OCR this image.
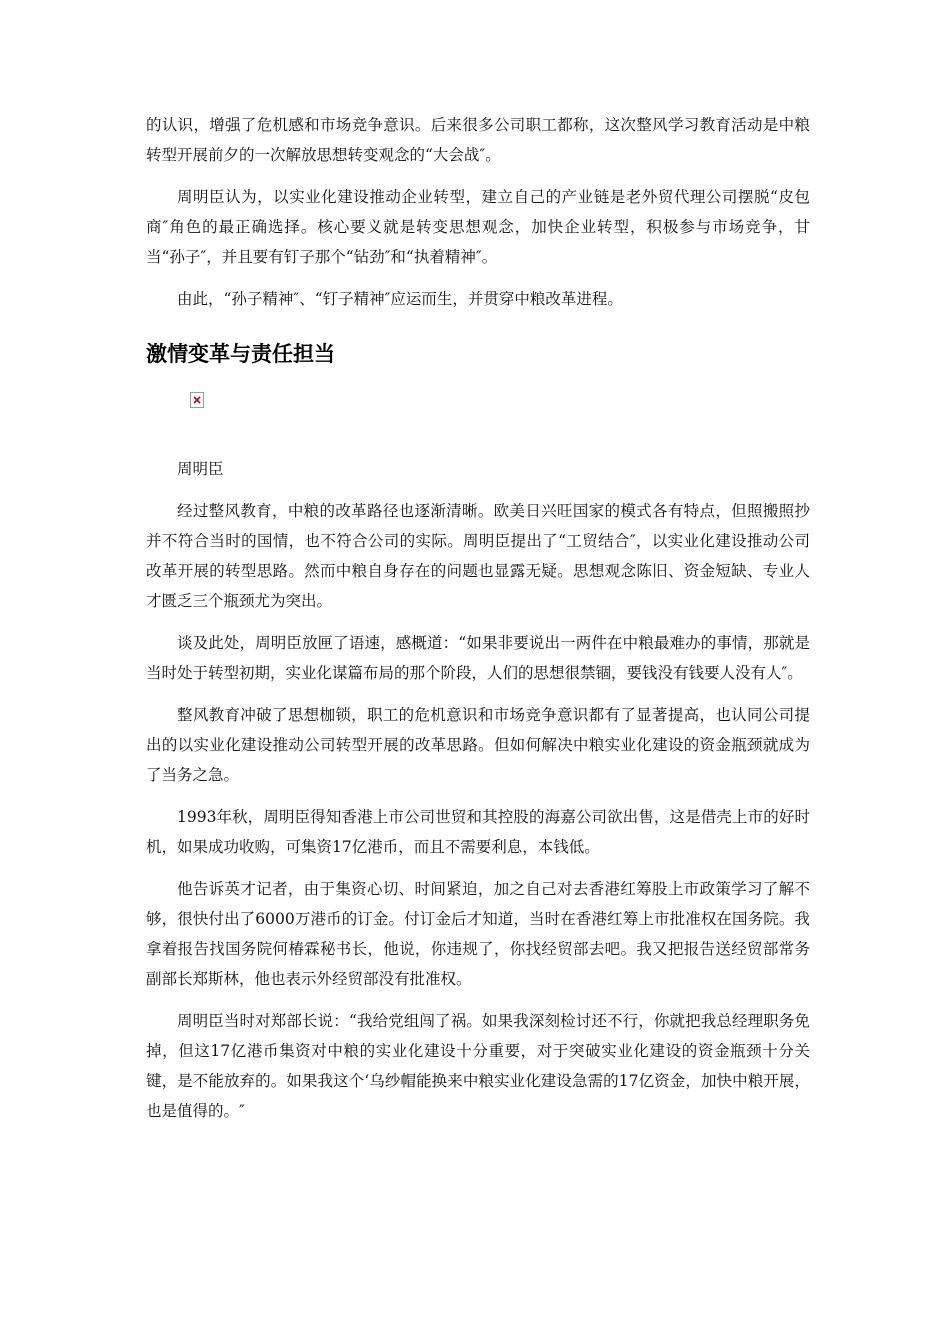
的认识，增强了危机感和市场竞争意识。后来很多公司职工都称，这次整风学习教育活动是中粮转型开展前夕的一次解放思想转变观念的“大会战″。

周明臣认为，以实业化建设推动企业转型，建立自己的产业链是老外贸代理公司摆脱“皮包商″角色的最正确选择。核心要义就是转变思想观念，加快企业转型，积极参与市场竞争，甘当“孙子″，并且要有钉子那个“钻劲″和“执着精神″。

由此，“孙子精神″、“钉子精神″应运而生，并贯穿中粮改革进程。

激情变革与责任担当

周明臣

经过整风教育，中粮的改革路径也逐渐清晰。欧美日兴旺国家的模式各有特点，但照搬照抄并不符合当时的国情，也不符合公司的实际。周明臣提出了“工贸结合″，以实业化建设推动公司改革开展的转型思路。然而中粮自身存在的问题也显露无疑。思想观念陈旧、资金短缺、专业人才匮乏三个瓶颈尤为突出。

谈及此处，周明臣放匣了语速，感概道：“如果非要说出一两件在中粮最难办的事情，那就是当时处于转型初期，实业化谋篇布局的那个阶段，人们的思想很禁锢，要钱没有钱要人没有人″。

整风教育冲破了思想枷锁，职工的危机意识和市场竞争意识都有了显著提高，也认同公司提出的以实业化建设推动公司转型开展的改革思路。但如何解决中粮实业化建设的资金瓶颈就成为了当务之急。

1993年秋，周明臣得知香港上市公司世贸和其控股的海嘉公司欲出售，这是借壳上市的好时机，如果成功收购，可集资17亿港币，而且不需要利息，本钱低。

他告诉英才记者，由于集资心切、时间紧迫，加之自己对去香港红筹股上市政策学习了解不够，很快付出了6000万港币的订金。付订金后才知道，当时在香港红筹上市批准权在国务院。我拿着报告找国务院何椿霖秘书长，他说，你违规了，你找经贸部去吧。我又把报告送经贸部常务副部长郑斯林，他也表示外经贸部没有批准权。

周明臣当时对郑部长说：“我给党组闯了祸。如果我深刻检讨还不行，你就把我总经理职务免掉，但这17亿港币集资对中粮的实业化建设十分重要，对于突破实业化建设的资金瓶颈十分关键，是不能放弃的。如果我这个‘乌纱帽能换来中粮实业化建设急需的17亿资金，加快中粮开展，也是值得的。″
